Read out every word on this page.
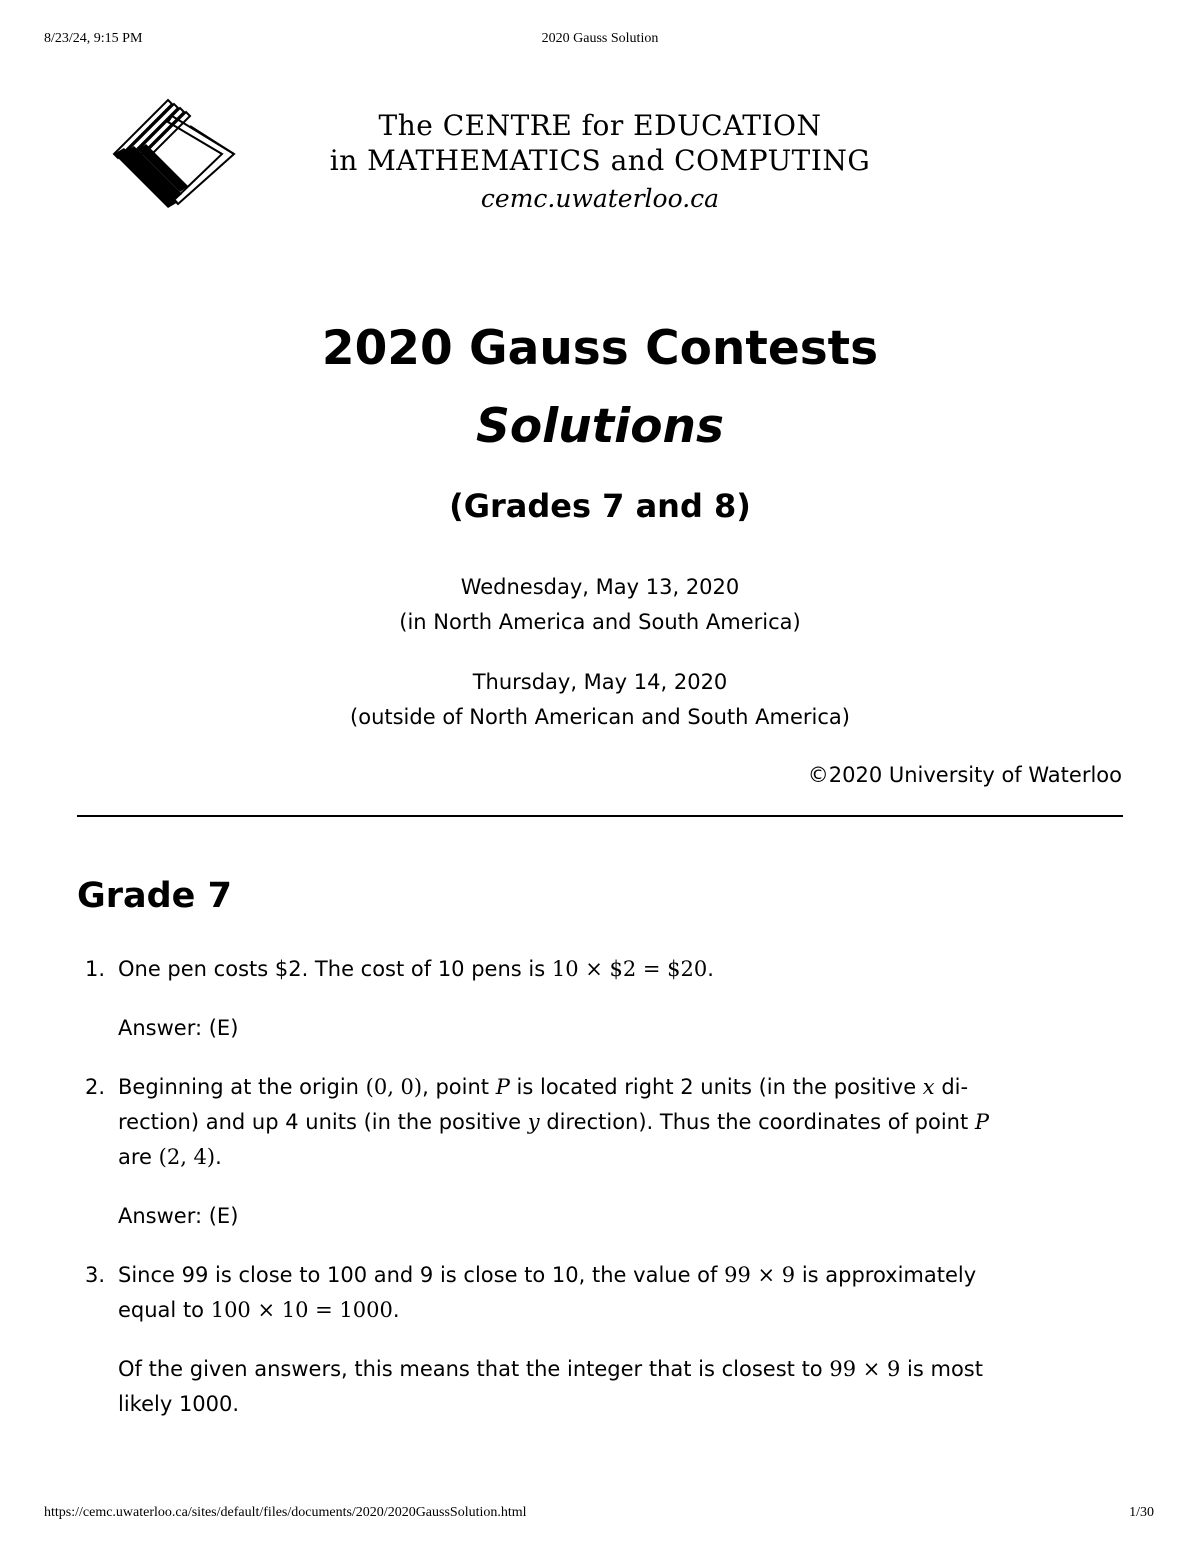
8/23/24, 9:15 PM	2020 Gauss Solution
The CENTRE for EDUCATION
in MATHEMATICS and COMPUTING
cemc.uwaterloo.ca
2020 Gauss Contests
Solutions
(Grades 7 and 8)
Wednesday, May 13, 2020
(in North America and South America)
Thursday, May 14, 2020
(outside of North American and South America)
©2020 University of Waterloo
Grade 7
1. One pen costs $2. The cost of 10 pens is 10 × $2 = $20.
Answer: (E)
2. Beginning at the origin (0, 0), point P is located right 2 units (in the positive x di-
rection) and up 4 units (in the positive y direction). Thus the coordinates of point P
are (2, 4).
Answer: (E)
3. Since 99 is close to 100 and 9 is close to 10, the value of 99 × 9 is approximately
equal to 100 × 10 = 1000.
Of the given answers, this means that the integer that is closest to 99 × 9 is most
likely 1000.
https://cemc.uwaterloo.ca/sites/default/files/documents/2020/2020GaussSolution.html	1/30
